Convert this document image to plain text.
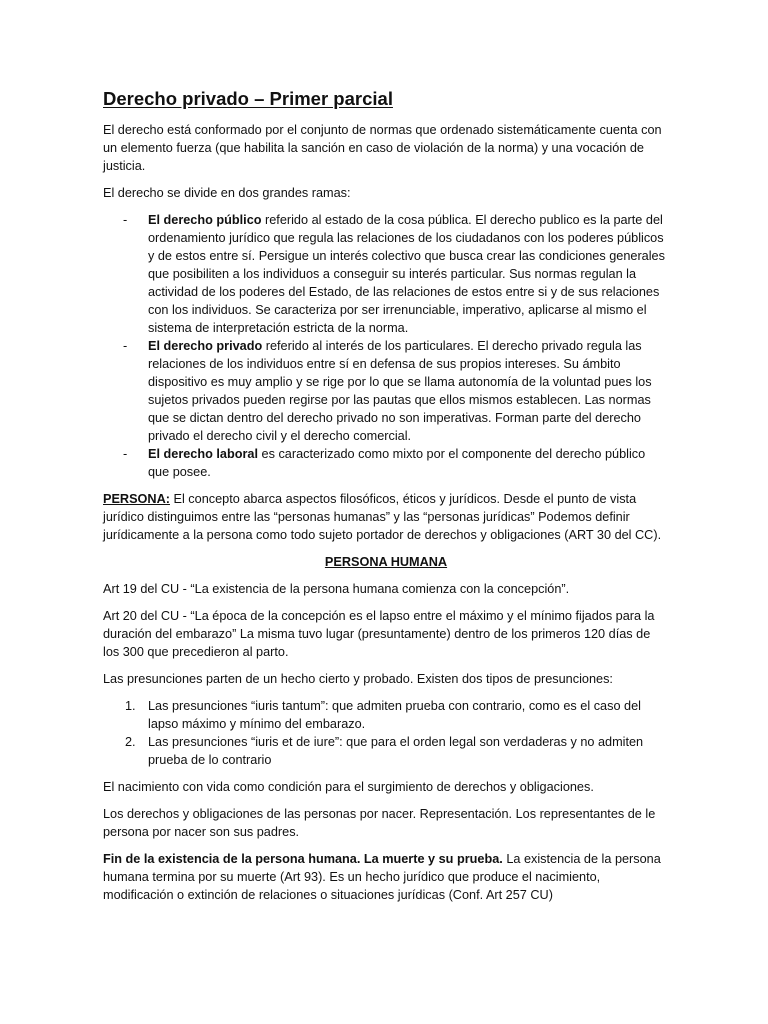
Derecho privado – Primer parcial

El derecho está conformado por el conjunto de normas que ordenado sistemáticamente cuenta con un elemento fuerza (que habilita la sanción en caso de violación de la norma) y una vocación de justicia.

El derecho se divide en dos grandes ramas:

- El derecho público referido al estado de la cosa pública. El derecho publico es la parte del ordenamiento jurídico que regula las relaciones de los ciudadanos con los poderes públicos y de estos entre sí. Persigue un interés colectivo que busca crear las condiciones generales que posibiliten a los individuos a conseguir su interés particular. Sus normas regulan la actividad de los poderes del Estado, de las relaciones de estos entre si y de sus relaciones con los individuos. Se caracteriza por ser irrenunciable, imperativo, aplicarse al mismo el sistema de interpretación estricta de la norma.
- El derecho privado referido al interés de los particulares. El derecho privado regula las relaciones de los individuos entre sí en defensa de sus propios intereses. Su ámbito dispositivo es muy amplio y se rige por lo que se llama autonomía de la voluntad pues los sujetos privados pueden regirse por las pautas que ellos mismos establecen. Las normas que se dictan dentro del derecho privado no son imperativas. Forman parte del derecho privado el derecho civil y el derecho comercial.
- El derecho laboral es caracterizado como mixto por el componente del derecho público que posee.

PERSONA: El concepto abarca aspectos filosóficos, éticos y jurídicos. Desde el punto de vista jurídico distinguimos entre las “personas humanas” y las “personas jurídicas” Podemos definir jurídicamente a la persona como todo sujeto portador de derechos y obligaciones (ART 30 del CC).

PERSONA HUMANA

Art 19 del CU - “La existencia de la persona humana comienza con la concepción”.

Art 20 del CU - “La época de la concepción es el lapso entre el máximo y el mínimo fijados para la duración del embarazo” La misma tuvo lugar (presuntamente) dentro de los primeros 120 días de los 300 que precedieron al parto.

Las presunciones parten de un hecho cierto y probado. Existen dos tipos de presunciones:

1. Las presunciones “iuris tantum”: que admiten prueba con contrario, como es el caso del lapso máximo y mínimo del embarazo.
2. Las presunciones “iuris et de iure”: que para el orden legal son verdaderas y no admiten prueba de lo contrario

El nacimiento con vida como condición para el surgimiento de derechos y obligaciones.

Los derechos y obligaciones de las personas por nacer. Representación. Los representantes de le persona por nacer son sus padres.

Fin de la existencia de la persona humana. La muerte y su prueba. La existencia de la persona humana termina por su muerte (Art 93). Es un hecho jurídico que produce el nacimiento, modificación o extinción de relaciones o situaciones jurídicas (Conf. Art 257 CU)
